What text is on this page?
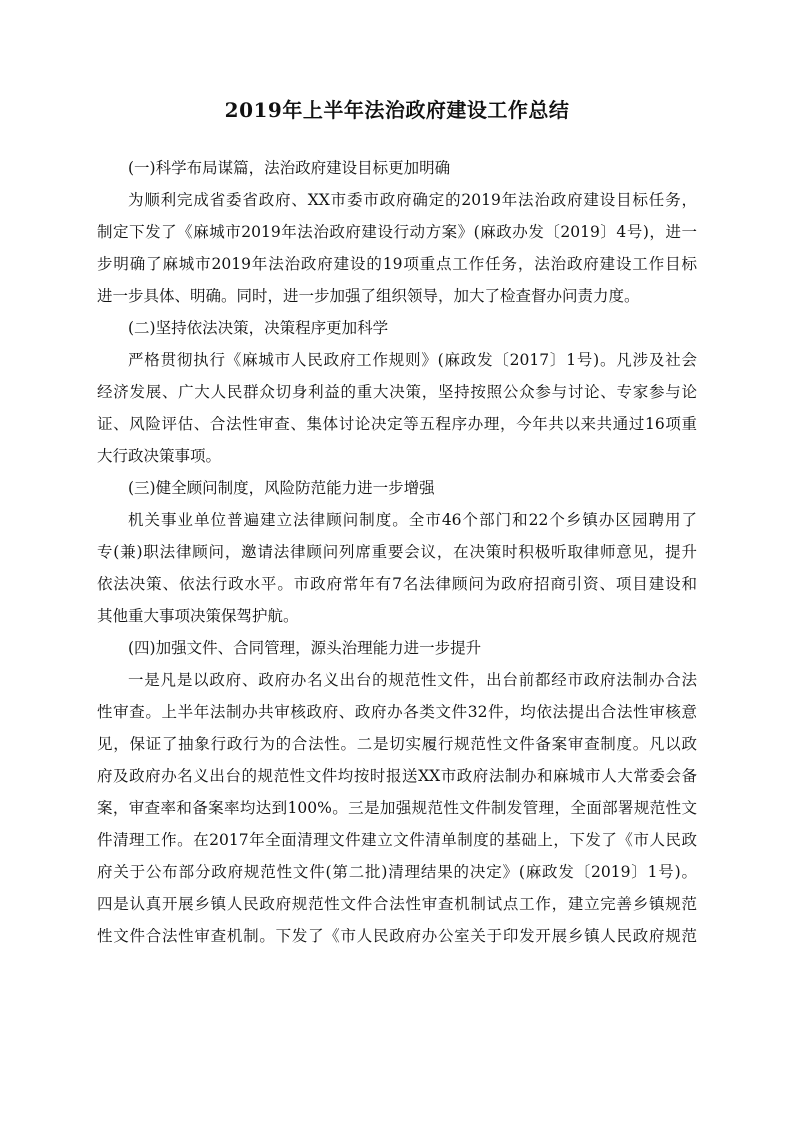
2019年上半年法治政府建设工作总结
(一)科学布局谋篇，法治政府建设目标更加明确
为顺利完成省委省政府、XX市委市政府确定的2019年法治政府建设目标任务，
制定下发了《麻城市2019年法治政府建设行动方案》(麻政办发〔2019〕4号)，进一
步明确了麻城市2019年法治政府建设的19项重点工作任务，法治政府建设工作目标
进一步具体、明确。同时，进一步加强了组织领导，加大了检查督办问责力度。
(二)坚持依法决策，决策程序更加科学
严格贯彻执行《麻城市人民政府工作规则》(麻政发〔2017〕1号)。凡涉及社会
经济发展、广大人民群众切身利益的重大决策，坚持按照公众参与讨论、专家参与论
证、风险评估、合法性审查、集体讨论决定等五程序办理，今年共以来共通过16项重
大行政决策事项。
(三)健全顾问制度，风险防范能力进一步增强
机关事业单位普遍建立法律顾问制度。全市46个部门和22个乡镇办区园聘用了
专(兼)职法律顾问，邀请法律顾问列席重要会议，在决策时积极听取律师意见，提升
依法决策、依法行政水平。市政府常年有7名法律顾问为政府招商引资、项目建设和
其他重大事项决策保驾护航。
(四)加强文件、合同管理，源头治理能力进一步提升
一是凡是以政府、政府办名义出台的规范性文件，出台前都经市政府法制办合法
性审查。上半年法制办共审核政府、政府办各类文件32件，均依法提出合法性审核意
见，保证了抽象行政行为的合法性。二是切实履行规范性文件备案审查制度。凡以政
府及政府办名义出台的规范性文件均按时报送XX市政府法制办和麻城市人大常委会备
案，审查率和备案率均达到100%。三是加强规范性文件制发管理，全面部署规范性文
件清理工作。在2017年全面清理文件建立文件清单制度的基础上，下发了《市人民政
府关于公布部分政府规范性文件(第二批)清理结果的决定》(麻政发〔2019〕1号)。
四是认真开展乡镇人民政府规范性文件合法性审查机制试点工作，建立完善乡镇规范
性文件合法性审查机制。下发了《市人民政府办公室关于印发开展乡镇人民政府规范
